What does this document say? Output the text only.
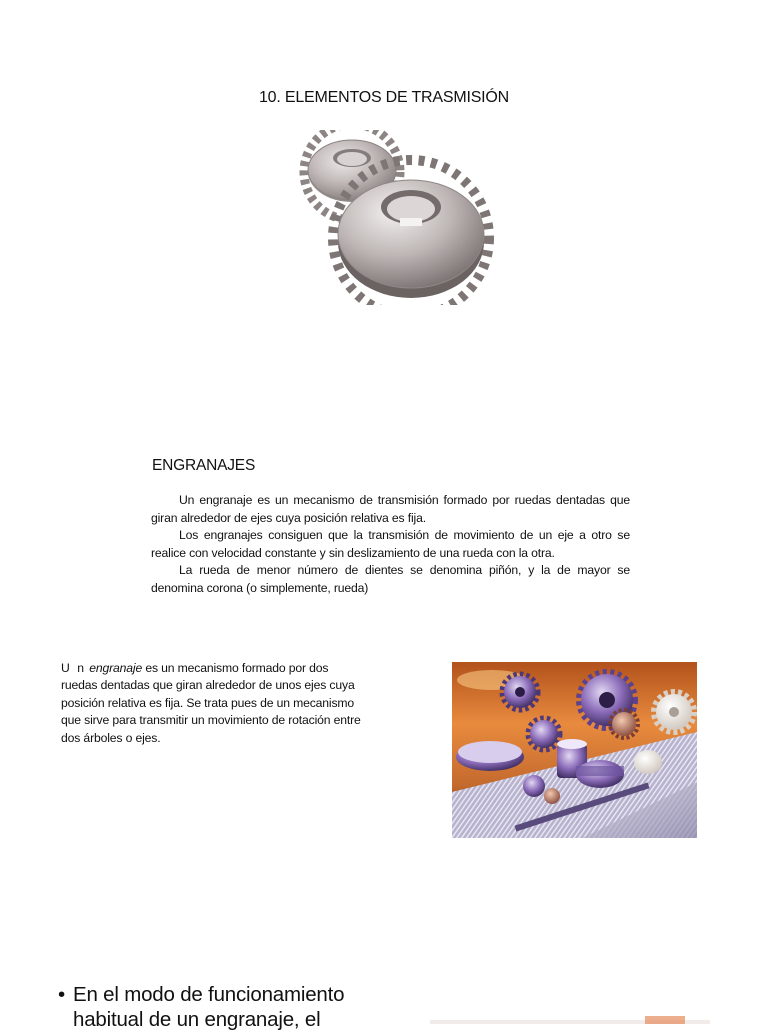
10. ELEMENTOS DE TRASMISIÓN
ENGRANAJES

Un engranaje es un mecanismo de transmisión formado por ruedas dentadas que giran alrededor de ejes cuya posición relativa es fija.

Los engranajes consiguen que la transmisión de movimiento de un eje a otro se realice con velocidad constante y sin deslizamiento de una rueda con la otra.

La rueda de menor número de dientes se denomina piñón, y la de mayor se denomina corona (o simplemente, rueda)

U n engranaje es un mecanismo formado por dos ruedas dentadas que giran alrededor de unos ejes cuya posición relativa es fija. Se trata pues de un mecanismo que sirve para transmitir un movimiento de rotación entre dos árboles o ejes.

• En el modo de funcionamiento habitual de un engranaje, el
